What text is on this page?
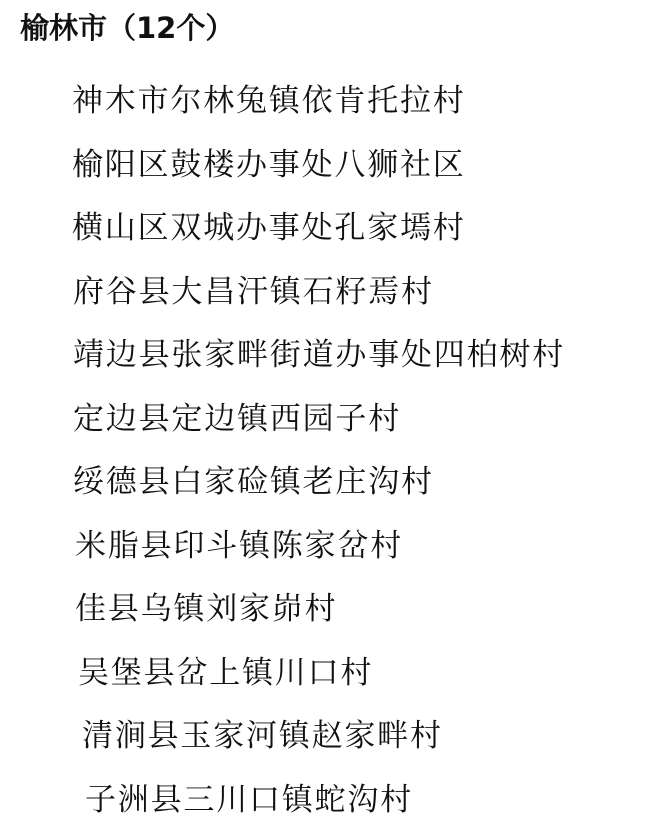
榆林市（12个）
神木市尔林兔镇依肯托拉村
榆阳区鼓楼办事处八狮社区
横山区双城办事处孔家墕村
府谷县大昌汗镇石籽焉村
靖边县张家畔街道办事处四柏树村
定边县定边镇西园子村
绥德县白家硷镇老庄沟村
米脂县印斗镇陈家岔村
佳县乌镇刘家峁村
吴堡县岔上镇川口村
清涧县玉家河镇赵家畔村
子洲县三川口镇蛇沟村
